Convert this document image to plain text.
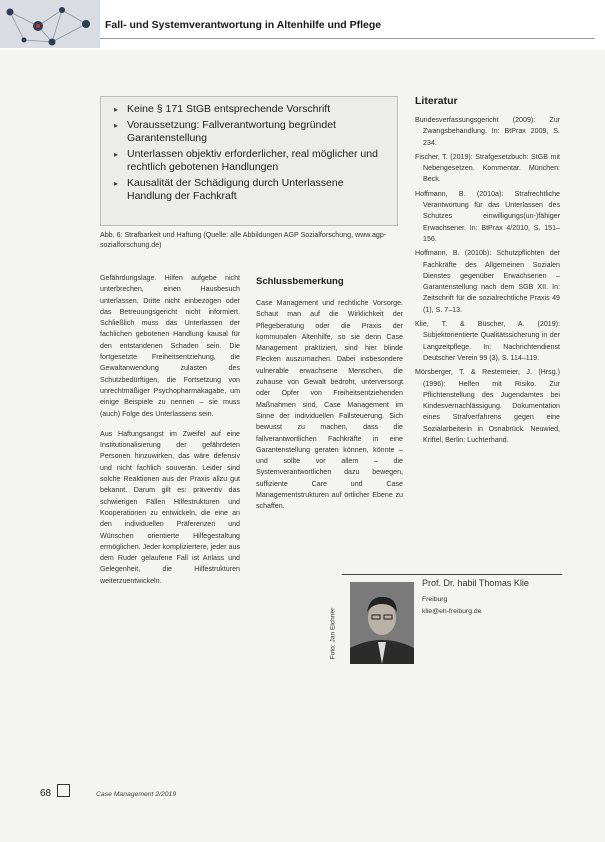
Fall- und Systemverantwortung in Altenhilfe und Pflege
▸ Keine § 171 StGB entsprechende Vorschrift
▸ Voraussetzung: Fallverantwortung begründet Garantenstellung
▸ Unterlassen objektiv erforderlicher, real möglicher und rechtlich gebotenen Handlungen
▸ Kausalität der Schädigung durch Unterlassene Handlung der Fachkraft
Abb. 6: Strafbarkeit und Haftung (Quelle: alle Abbildungen AGP Sozialforschung, www.agp-sozialforschung.de)

Gefährdungslage. Hilfen aufgebe nicht unterbrechen, einen Hausbesuch unterlassen. Dritte nicht einbezogen oder das Betreuungsgericht nicht informiert. Schließlich muss das Unterlassen der fachlichen gebotenen Handlung kausal für den entstandenen Schaden sein. Die fortgesetzte Freiheitsentziehung, die Gewaltanwendung zulasten des Schutzbedürftigen, die Fortsetzung von unrechtmäßiger Psychopharmakagabe, um einige Beispiele zu nennen – sie muss (auch) Folge des Unterlassens sein.

Aus Haftungsangst im Zweifel auf eine Institutionalisierung der gefährdeten Personen hinzuwirken, das wäre defensiv und nicht fachlich souverän. Leider sind solche Reaktionen aus der Praxis allzu gut bekannt. Darum gilt es: präventiv das schwierigen Fällen Hilfestrukturen und Kooperationen zu entwickeln, die eine an den individuellen Präferenzen und Wünschen orientierte Hilfegestaltung ermöglichen. Jeder kompliziertere, jeder aus dem Ruder gelaufene Fall ist Anlass und Gelegenheit, die Hilfestrukturen weiterzuentwickeln.

Schlussbemerkung

Case Management und rechtliche Vorsorge. Schaut man auf die Wirklichkeit der Pflegeberatung oder die Praxis der kommunalen Altenhilfe, so sie denn Case Management praktiziert, sind hier blinde Flecken auszumachen. Dabei insbesondere vulnerable erwachsene Menschen, die zuhause von Gewalt bedroht, unterversorgt oder Opfer von Freiheitsentziehenden Maßnahmen sind, Case Management im Sinne der individuellen Fallsteuerung. Sich bewusst zu machen, dass die fallverantwortlichen Fachkräfte in eine Garantenstellung geraten können, könnte – und sollte vor allem – die Systemverantwortlichen dazu bewegen, suffiziente Care und Case Managementstrukturen auf örtlicher Ebene zu schaffen.

Literatur

Bundesverfassungsgericht (2009): Zur Zwangsbehandlung. In: BtPrax 2009, S. 234.

Fischer, T. (2019): Strafgesetzbuch: StGB mit Nebengesetzen. Kommentar. München: Beck.

Hoffmann, B. (2010a): Strafrechtliche Verantwortung für das Unterlassen des Schutzes einwilligungs(un-)fähiger Erwachsener. In: BtPrax 4/2010, S. 151–156.

Hoffmann, B. (2010b): Schutzpflichten der Fachkräfte des Allgemeinen Sozialen Dienstes gegenüber Erwachsenen – Garantenstellung nach dem SGB XII. In: Zeitschrift für die sozialrechtliche Praxis 49 (1), S. 7–13.

Klie, T. & Büscher, A. (2019): Subjektorientierte Qualitätssicherung in der Langzeitpflege. In: Nachrichtendienst Deutscher Verein 99 (3), S. 114–119.

Mörsberger, T. & Restemeier, J. (Hrsg.) (1996): Helfen mit Risiko. Zur Pflichtenstellung des Jugendamtes bei Kindesvernachlässigung. Dokumentation eines Strafverfahrens gegen eine Sozialarbeiterin in Osnabrück. Neuwied, Kriftel, Berlin: Luchterhand.

Foto: Jan Eichner
Prof. Dr. habil Thomas Klie
Freiburg
klie@eh-freiburg.de
68	Case Management 2/2019
